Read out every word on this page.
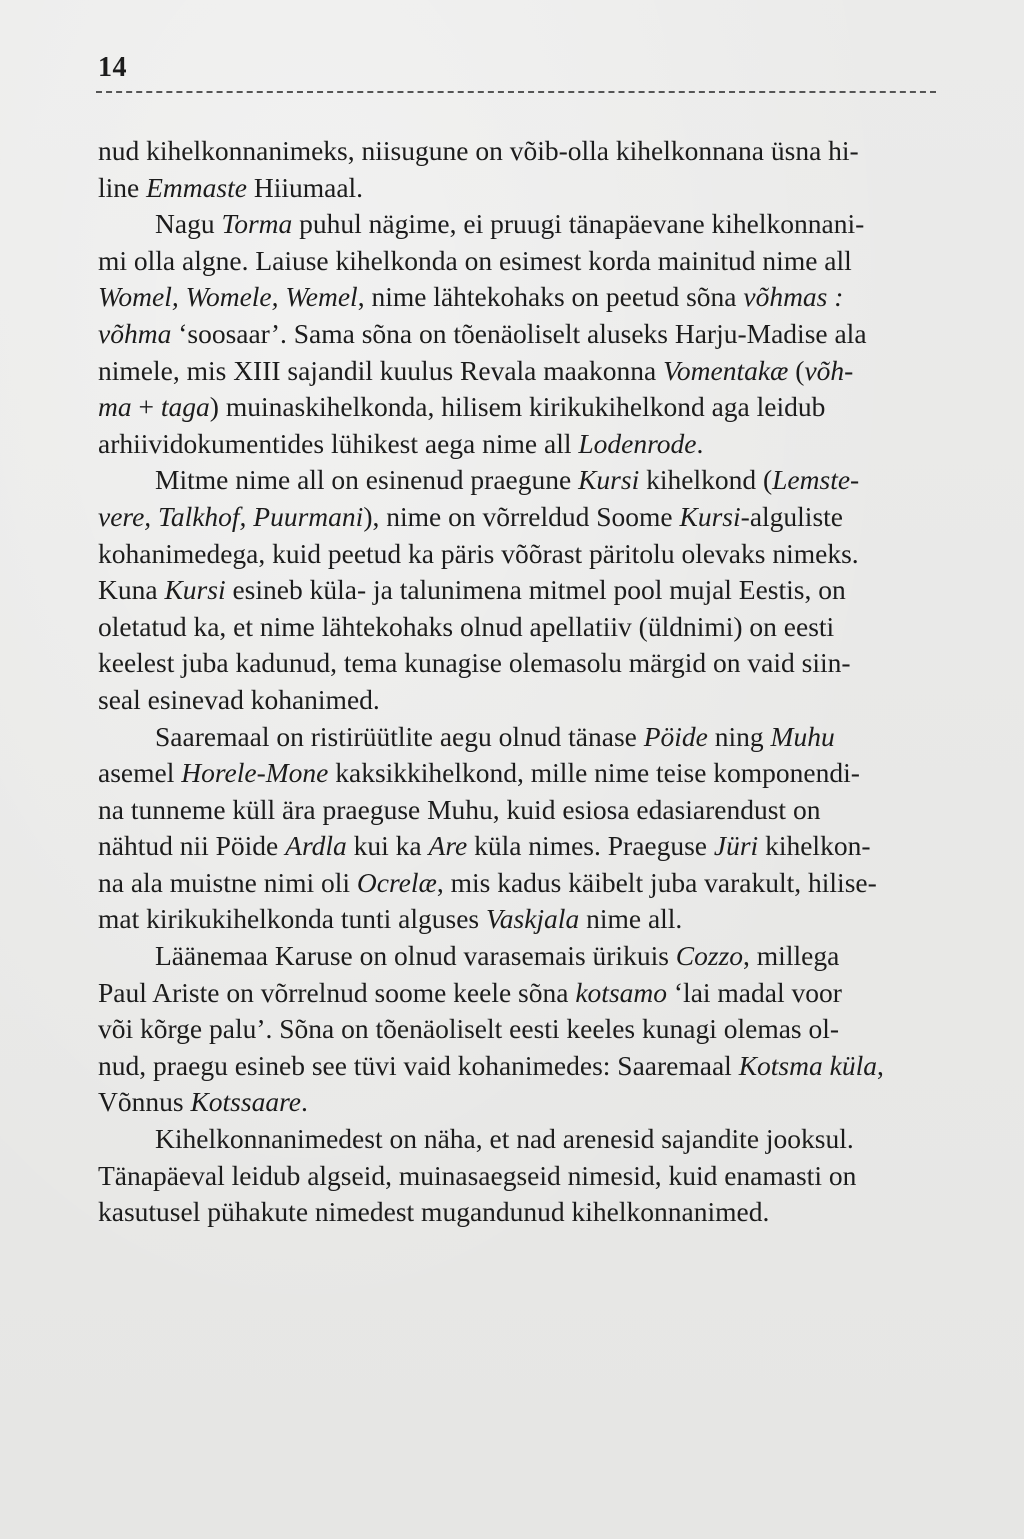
14

nud kihelkonnanimeks, niisugune on võib-olla kihelkonnana üsna hi-
line Emmaste Hiiumaal.

Nagu Torma puhul nägime, ei pruugi tänapäevane kihelkonnani-
mi olla algne. Laiuse kihelkonda on esimest korda mainitud nime all
Womel, Womele, Wemel, nime lähtekohaks on peetud sõna võhmas :
võhma ‘soosaar’. Sama sõna on tõenäoliselt aluseks Harju-Madise ala
nimele, mis XIII sajandil kuulus Revala maakonna Vomentakæ (võh-
ma + taga) muinaskihelkonda, hilisem kirikukihelkond aga leidub
arhiividokumentides lühikest aega nime all Lodenrode.

Mitme nime all on esinenud praegune Kursi kihelkond (Lemste-
vere, Talkhof, Puurmani), nime on võrreldud Soome Kursi-alguliste
kohanimedega, kuid peetud ka päris võõrast päritolu olevaks nimeks.
Kuna Kursi esineb küla- ja talunimena mitmel pool mujal Eestis, on
oletatud ka, et nime lähtekohaks olnud apellatiiv (üldnimi) on eesti
keelest juba kadunud, tema kunagise olemasolu märgid on vaid siin-
seal esinevad kohanimed.

Saaremaal on ristirüütlite aegu olnud tänase Pöide ning Muhu
asemel Horele-Mone kaksikkihelkond, mille nime teise komponendi-
na tunneme küll ära praeguse Muhu, kuid esiosa edasiarendust on
nähtud nii Pöide Ardla kui ka Are küla nimes. Praeguse Jüri kihelkon-
na ala muistne nimi oli Ocrelæ, mis kadus käibelt juba varakult, hilise-
mat kirikukihelkonda tunti alguses Vaskjala nime all.

Läänemaa Karuse on olnud varasemais ürikuis Cozzo, millega
Paul Ariste on võrrelnud soome keele sõna kotsamo ‘lai madal voor
või kõrge palu’. Sõna on tõenäoliselt eesti keeles kunagi olemas ol-
nud, praegu esineb see tüvi vaid kohanimedes: Saaremaal Kotsma küla,
Võnnus Kotssaare.

Kihelkonnanimedest on näha, et nad arenesid sajandite jooksul.
Tänapäeval leidub algseid, muinasaegseid nimesid, kuid enamasti on
kasutusel pühakute nimedest mugandunud kihelkonnanimed.
